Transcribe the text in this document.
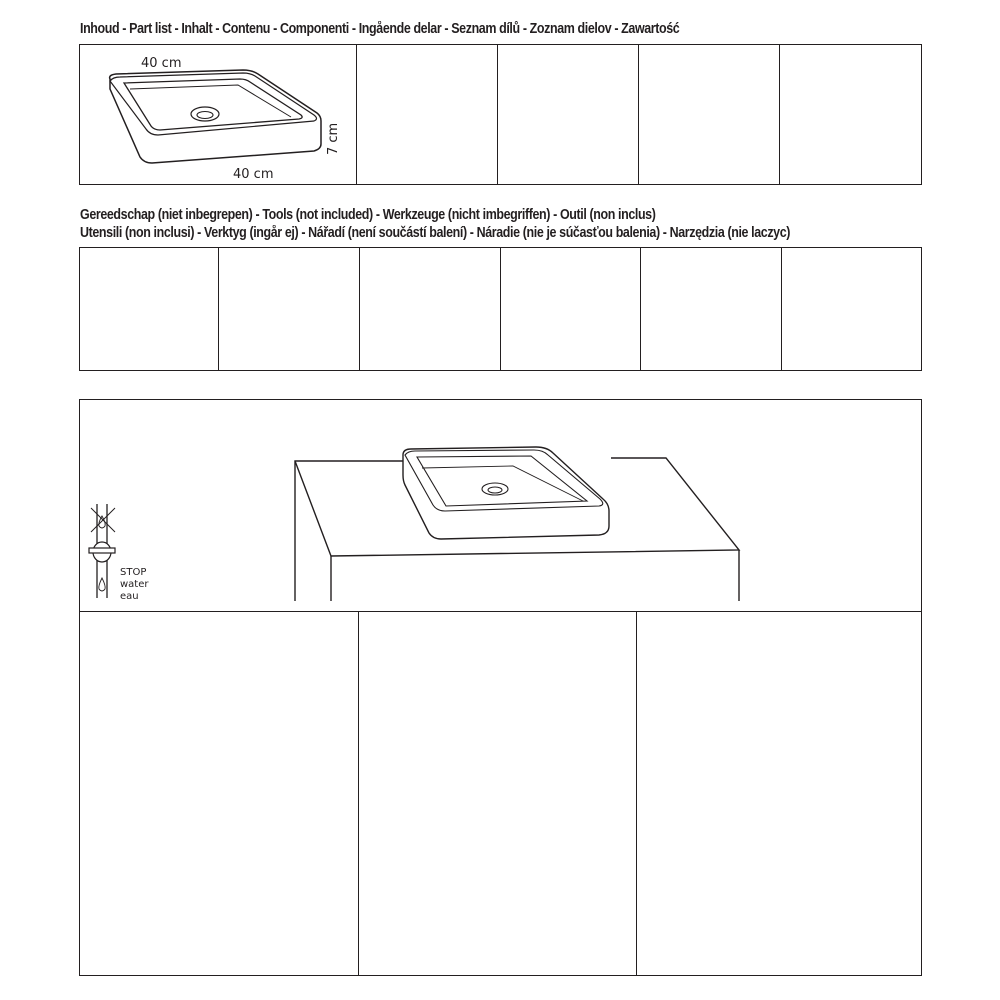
Inhoud - Part list - Inhalt - Contenu - Componenti - Ingående delar - Seznam dílů - Zoznam dielov - Zawartość
40 cm
40 cm
7 cm
Gereedschap (niet inbegrepen) - Tools (not included) - Werkzeuge (nicht imbegriffen) - Outil (non inclus)
Utensili (non inclusi) - Verktyg (ingår ej) - Nářadí (není součástí balení) - Náradie (nie je súčasťou balenia) - Narzędzia (nie laczyc)
STOP
water
eau
